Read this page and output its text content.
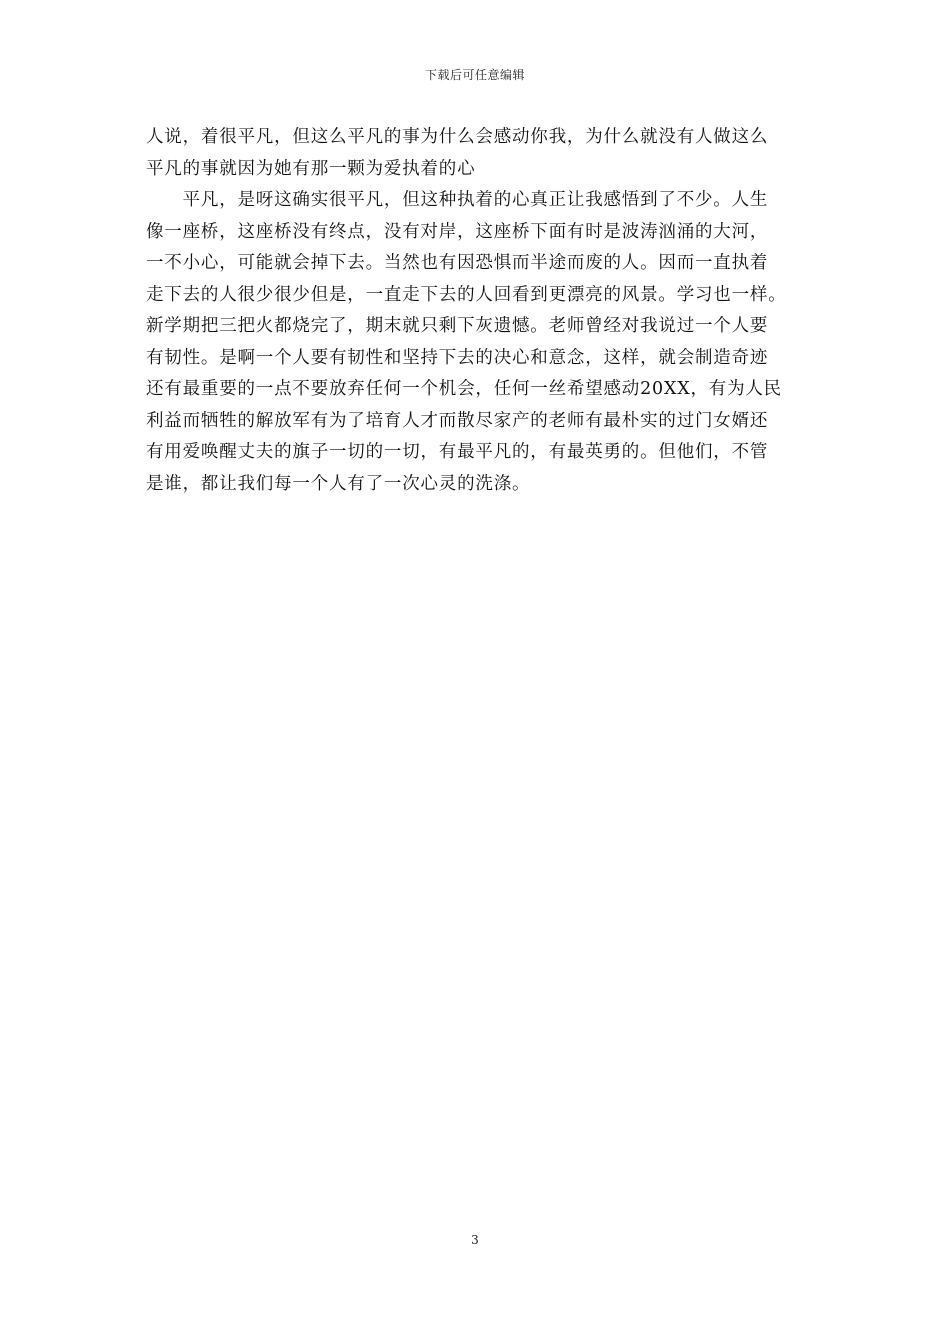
下载后可任意编辑
人说，着很平凡，但这么平凡的事为什么会感动你我，为什么就没有人做这么
平凡的事就因为她有那一颗为爱执着的心
　　平凡，是呀这确实很平凡，但这种执着的心真正让我感悟到了不少。人生
像一座桥，这座桥没有终点，没有对岸，这座桥下面有时是波涛汹涌的大河，
一不小心，可能就会掉下去。当然也有因恐惧而半途而废的人。因而一直执着
走下去的人很少很少但是，一直走下去的人回看到更漂亮的风景。学习也一样。
新学期把三把火都烧完了，期末就只剩下灰遗憾。老师曾经对我说过一个人要
有韧性。是啊一个人要有韧性和坚持下去的决心和意念，这样，就会制造奇迹
还有最重要的一点不要放弃任何一个机会，任何一丝希望感动20XX，有为人民
利益而牺牲的解放军有为了培育人才而散尽家产的老师有最朴实的过门女婿还
有用爱唤醒丈夫的旗子一切的一切，有最平凡的，有最英勇的。但他们，不管
是谁，都让我们每一个人有了一次心灵的洗涤。
3
